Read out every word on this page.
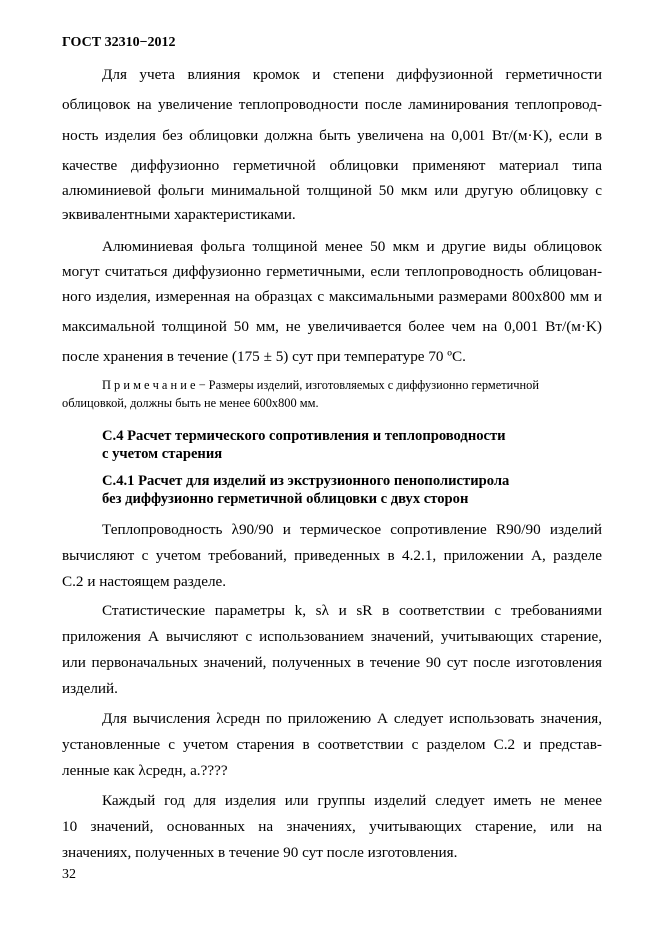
ГОСТ 32310−2012
Для учета влияния кромок и степени диффузионной герметичности
облицовок на увеличение теплопроводности после ламинирования теплопровод-
ность изделия без облицовки должна быть увеличена на 0,001 Вт/(м·K), если в
качестве диффузионно герметичной облицовки применяют материал типа
алюминиевой фольги минимальной толщиной 50 мкм или другую облицовку с
эквивалентными характеристиками.
Алюминиевая фольга толщиной менее 50 мкм и другие виды облицовок
могут считаться диффузионно герметичными, если теплопроводность облицован-
ного изделия, измеренная на образцах с максимальными размерами 800x800 мм и
максимальной толщиной 50 мм, не увеличивается более чем на 0,001 Вт/(м·K)
после хранения в течение (175 ± 5) сут при температуре 70 ºС.
П р и м е ч а н и е − Размеры изделий, изготовляемых с диффузионно герметичной
облицовкой, должны быть не менее 600x800 мм.
С.4 Расчет термического сопротивления и теплопроводности
с учетом старения
С.4.1 Расчет для изделий из экструзионного пенополистирола
без диффузионно герметичной облицовки с двух сторон
Теплопроводность λ90/90 и термическое сопротивление R90/90 изделий
вычисляют с учетом требований, приведенных в 4.2.1, приложении А, разделе
С.2 и настоящем разделе.
Статистические параметры k, sλ и sR в соответствии с требованиями
приложения А вычисляют с использованием значений, учитывающих старение,
или первоначальных значений, полученных в течение 90 сут после изготовления
изделий.
Для вычисления λсредн по приложению А следует использовать значения,
установленные с учетом старения в соответствии с разделом С.2 и представ-
ленные как λсредн, а.????
Каждый год для изделия или группы изделий следует иметь не менее
10 значений, основанных на значениях, учитывающих старение, или на
значениях, полученных в течение 90 сут после изготовления.
32
